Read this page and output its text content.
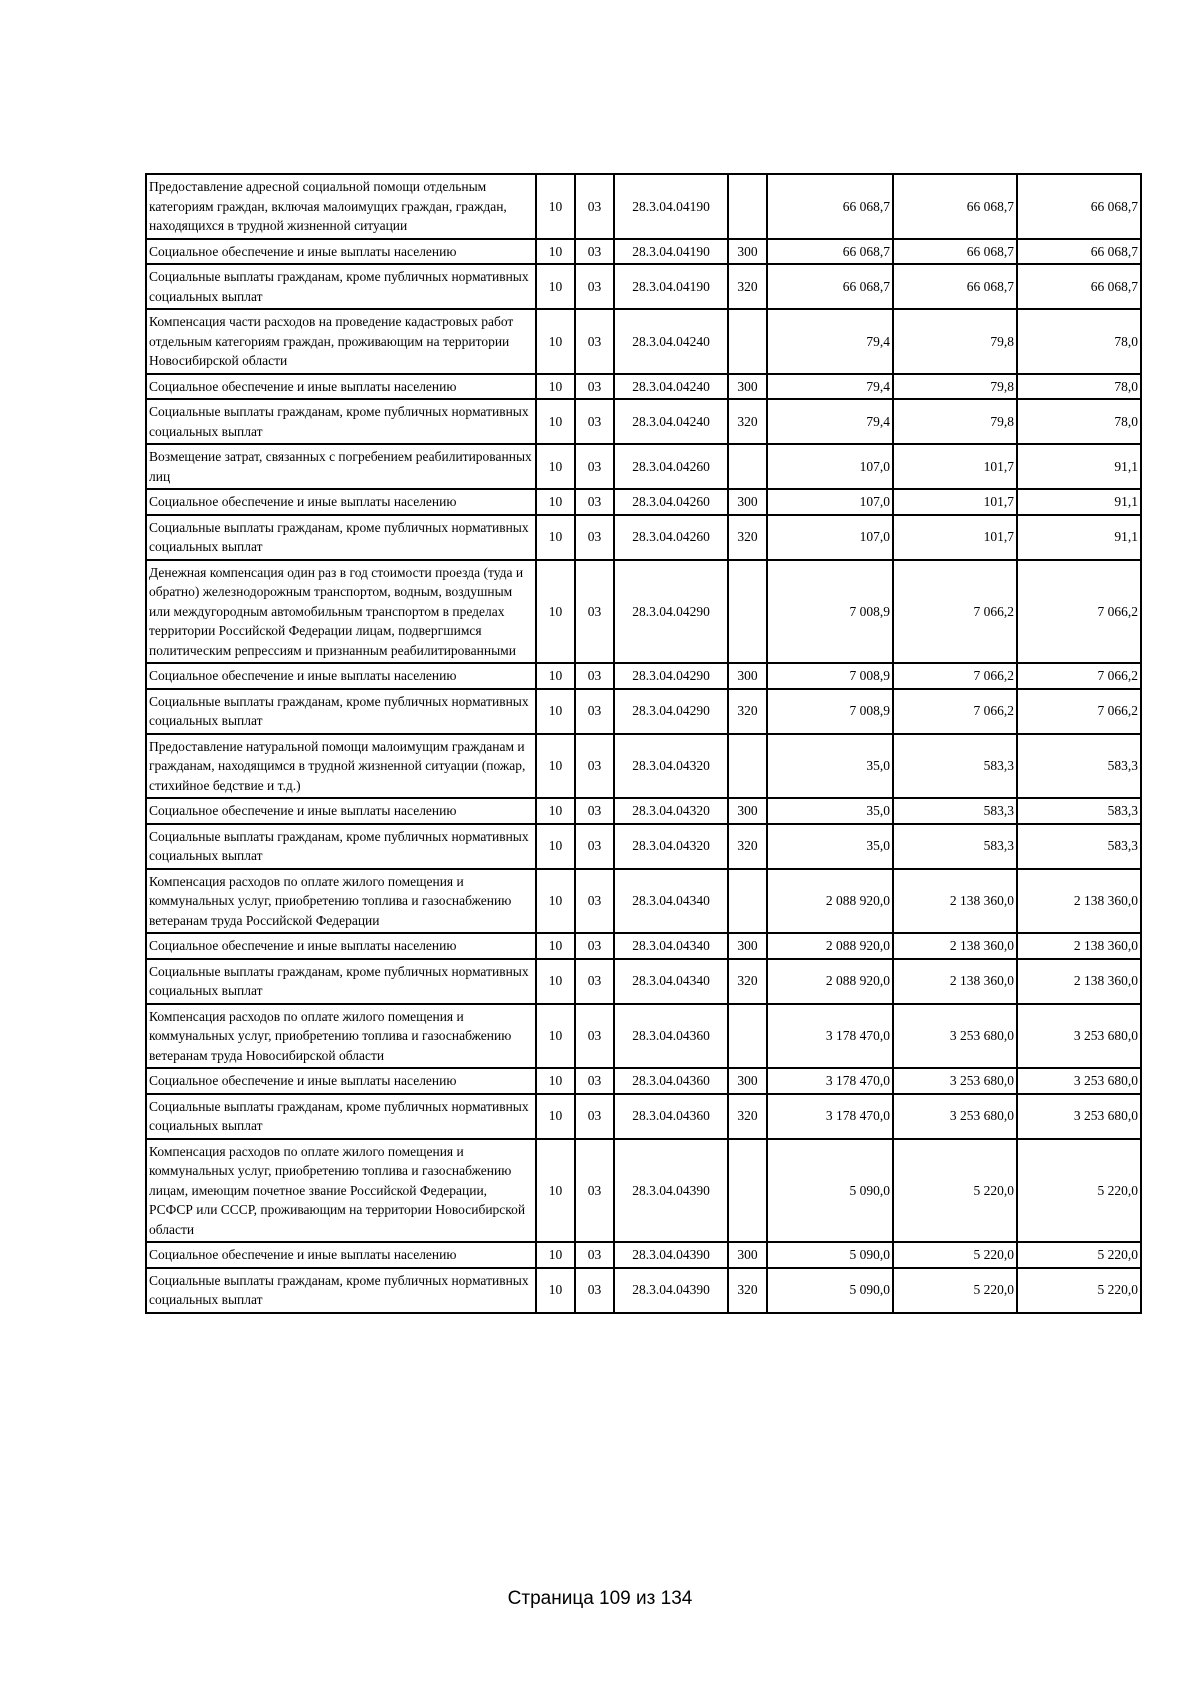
Предоставление адресной социальной помощи отдельным категориям граждан, включая малоимущих граждан, граждан, находящихся в трудной жизненной ситуации	10	03	28.3.04.04190		66 068,7	66 068,7	66 068,7
Социальное обеспечение и иные выплаты населению	10	03	28.3.04.04190	300	66 068,7	66 068,7	66 068,7
Социальные выплаты гражданам, кроме публичных нормативных социальных выплат	10	03	28.3.04.04190	320	66 068,7	66 068,7	66 068,7
Компенсация части расходов на проведение кадастровых работ отдельным категориям граждан, проживающим на территории Новосибирской области	10	03	28.3.04.04240		79,4	79,8	78,0
Социальное обеспечение и иные выплаты населению	10	03	28.3.04.04240	300	79,4	79,8	78,0
Социальные выплаты гражданам, кроме публичных нормативных социальных выплат	10	03	28.3.04.04240	320	79,4	79,8	78,0
Возмещение затрат, связанных с погребением реабилитированных лиц	10	03	28.3.04.04260		107,0	101,7	91,1
Социальное обеспечение и иные выплаты населению	10	03	28.3.04.04260	300	107,0	101,7	91,1
Социальные выплаты гражданам, кроме публичных нормативных социальных выплат	10	03	28.3.04.04260	320	107,0	101,7	91,1
Денежная компенсация один раз в год стоимости проезда (туда и обратно) железнодорожным транспортом, водным, воздушным или междугородным автомобильным транспортом в пределах территории Российской Федерации лицам, подвергшимся политическим репрессиям и признанным реабилитированными	10	03	28.3.04.04290		7 008,9	7 066,2	7 066,2
Социальное обеспечение и иные выплаты населению	10	03	28.3.04.04290	300	7 008,9	7 066,2	7 066,2
Социальные выплаты гражданам, кроме публичных нормативных социальных выплат	10	03	28.3.04.04290	320	7 008,9	7 066,2	7 066,2
Предоставление натуральной помощи малоимущим гражданам и гражданам, находящимся в трудной жизненной ситуации (пожар, стихийное бедствие и т.д.)	10	03	28.3.04.04320		35,0	583,3	583,3
Социальное обеспечение и иные выплаты населению	10	03	28.3.04.04320	300	35,0	583,3	583,3
Социальные выплаты гражданам, кроме публичных нормативных социальных выплат	10	03	28.3.04.04320	320	35,0	583,3	583,3
Компенсация расходов по оплате жилого помещения и коммунальных услуг, приобретению топлива и газоснабжению ветеранам труда Российской Федерации	10	03	28.3.04.04340		2 088 920,0	2 138 360,0	2 138 360,0
Социальное обеспечение и иные выплаты населению	10	03	28.3.04.04340	300	2 088 920,0	2 138 360,0	2 138 360,0
Социальные выплаты гражданам, кроме публичных нормативных социальных выплат	10	03	28.3.04.04340	320	2 088 920,0	2 138 360,0	2 138 360,0
Компенсация расходов по оплате жилого помещения и коммунальных услуг, приобретению топлива и газоснабжению ветеранам труда Новосибирской области	10	03	28.3.04.04360		3 178 470,0	3 253 680,0	3 253 680,0
Социальное обеспечение и иные выплаты населению	10	03	28.3.04.04360	300	3 178 470,0	3 253 680,0	3 253 680,0
Социальные выплаты гражданам, кроме публичных нормативных социальных выплат	10	03	28.3.04.04360	320	3 178 470,0	3 253 680,0	3 253 680,0
Компенсация расходов по оплате жилого помещения и коммунальных услуг, приобретению топлива и газоснабжению лицам, имеющим почетное звание Российской Федерации, РСФСР или СССР, проживающим на территории Новосибирской области	10	03	28.3.04.04390		5 090,0	5 220,0	5 220,0
Социальное обеспечение и иные выплаты населению	10	03	28.3.04.04390	300	5 090,0	5 220,0	5 220,0
Социальные выплаты гражданам, кроме публичных нормативных социальных выплат	10	03	28.3.04.04390	320	5 090,0	5 220,0	5 220,0
Страница 109 из 134
